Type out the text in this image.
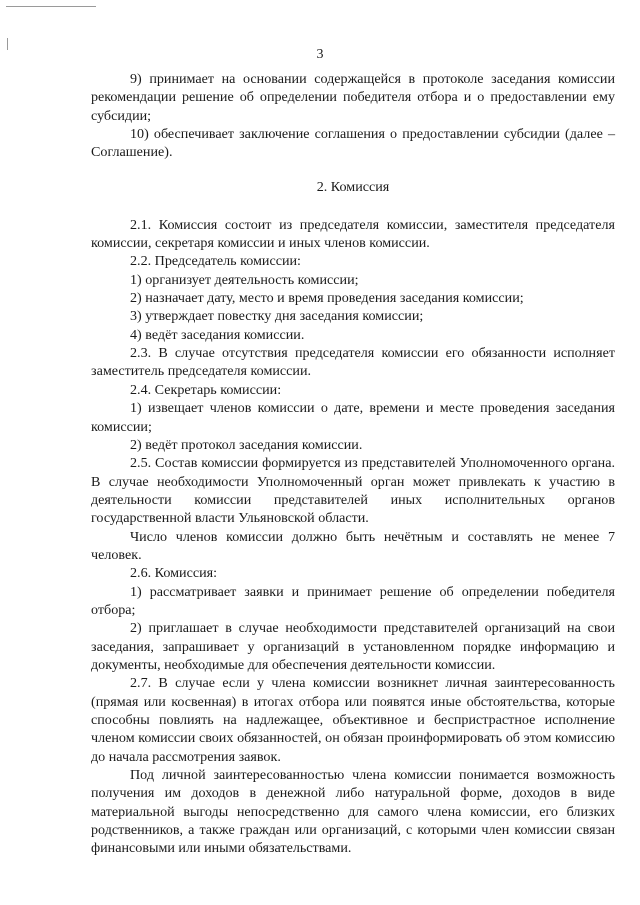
3

9) принимает на основании содержащейся в протоколе заседания комиссии рекомендации решение об определении победителя отбора и о предоставлении ему субсидии;

10) обеспечивает заключение соглашения о предоставлении субсидии (далее – Соглашение).

2. Комиссия

2.1. Комиссия состоит из председателя комиссии, заместителя председателя комиссии, секретаря комиссии и иных членов комиссии.

2.2. Председатель комиссии:

1) организует деятельность комиссии;

2) назначает дату, место и время проведения заседания комиссии;

3) утверждает повестку дня заседания комиссии;

4) ведёт заседания комиссии.

2.3. В случае отсутствия председателя комиссии его обязанности исполняет заместитель председателя комиссии.

2.4. Секретарь комиссии:

1) извещает членов комиссии о дате, времени и месте проведения заседания комиссии;

2) ведёт протокол заседания комиссии.

2.5. Состав комиссии формируется из представителей Уполномоченного органа. В случае необходимости Уполномоченный орган может привлекать к участию в деятельности комиссии представителей иных исполнительных органов государственной власти Ульяновской области.

Число членов комиссии должно быть нечётным и составлять не менее 7 человек.

2.6. Комиссия:

1) рассматривает заявки и принимает решение об определении победителя отбора;

2) приглашает в случае необходимости представителей организаций на свои заседания, запрашивает у организаций в установленном порядке информацию и документы, необходимые для обеспечения деятельности комиссии.

2.7. В случае если у члена комиссии возникнет личная заинтересованность (прямая или косвенная) в итогах отбора или появятся иные обстоятельства, которые способны повлиять на надлежащее, объективное и беспристрастное исполнение членом комиссии своих обязанностей, он обязан проинформировать об этом комиссию до начала рассмотрения заявок.

Под личной заинтересованностью члена комиссии понимается возможность получения им доходов в денежной либо натуральной форме, доходов в виде материальной выгоды непосредственно для самого члена комиссии, его близких родственников, а также граждан или организаций, с которыми член комиссии связан финансовыми или иными обязательствами.
